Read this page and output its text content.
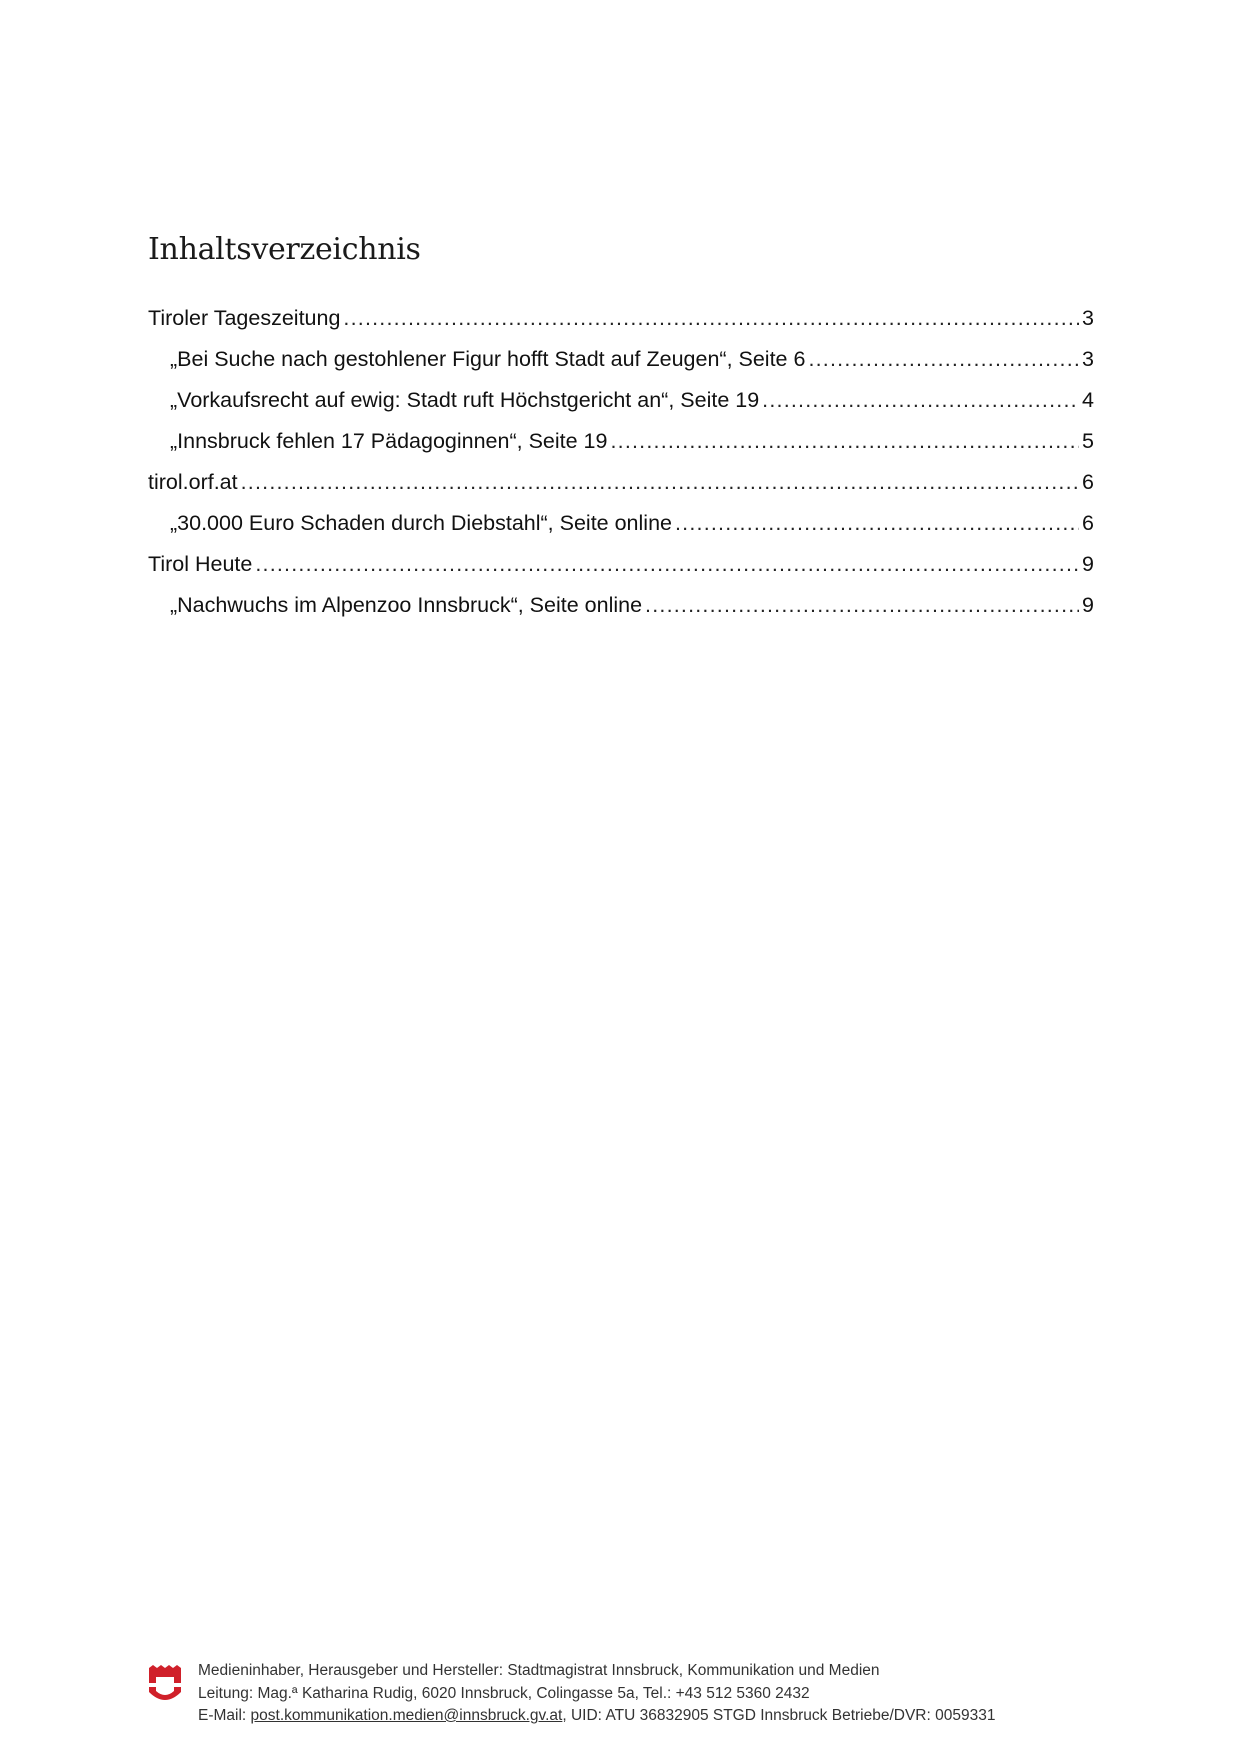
Inhaltsverzeichnis
Tiroler Tageszeitung .....	3
„Bei Suche nach gestohlener Figur hofft Stadt auf Zeugen“, Seite 6 .....	3
„Vorkaufsrecht auf ewig: Stadt ruft Höchstgericht an“, Seite 19 .....	4
„Innsbruck fehlen 17 Pädagoginnen“, Seite 19 .....	5
tirol.orf.at .....	6
„30.000 Euro Schaden durch Diebstahl“, Seite online .....	6
Tirol Heute .....	9
„Nachwuchs im Alpenzoo Innsbruck“, Seite online .....	9
Medieninhaber, Herausgeber und Hersteller: Stadtmagistrat Innsbruck, Kommunikation und Medien
Leitung: Mag.ª Katharina Rudig, 6020 Innsbruck, Colingasse 5a, Tel.: +43 512 5360 2432
E-Mail: post.kommunikation.medien@innsbruck.gv.at, UID: ATU 36832905 STGD Innsbruck Betriebe/DVR: 0059331
